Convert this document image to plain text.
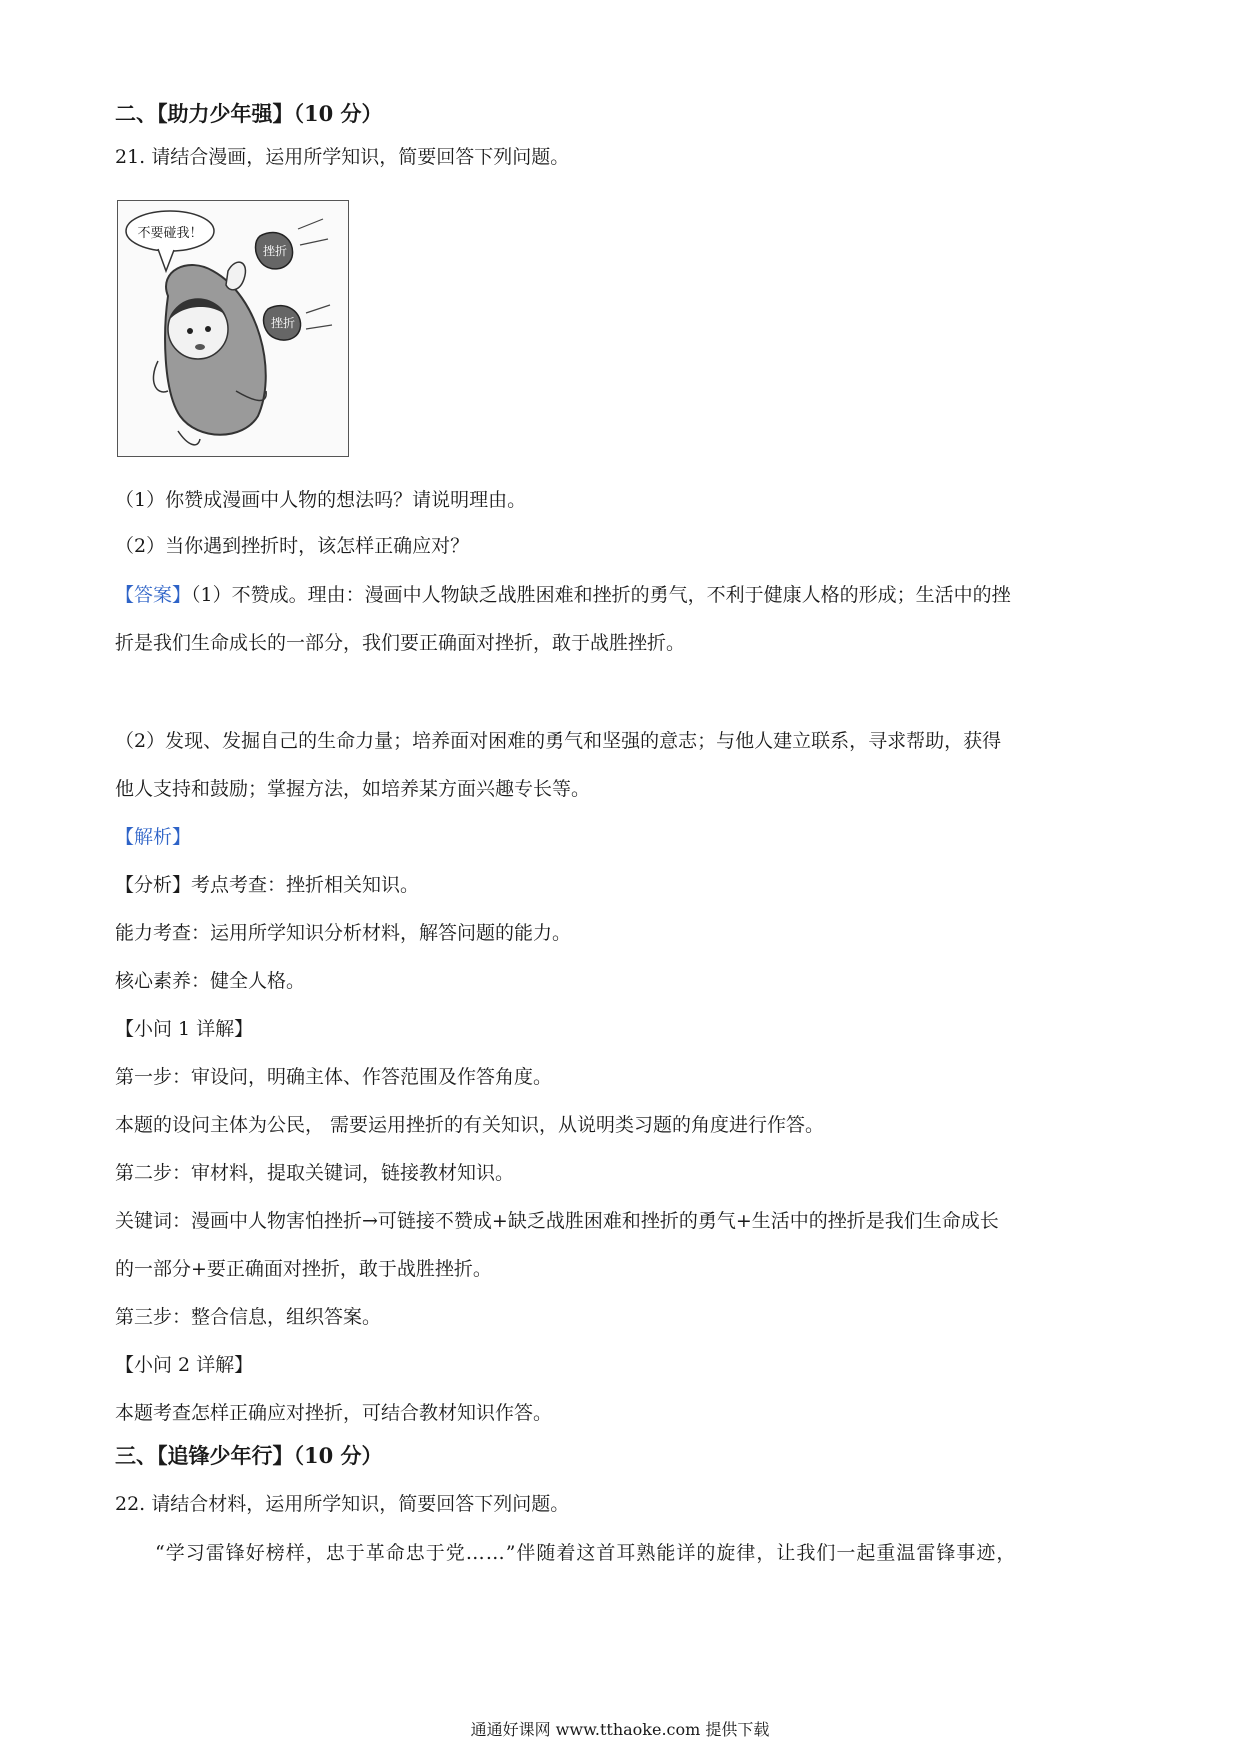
二、【助力少年强】（10 分）
21. 请结合漫画，运用所学知识，简要回答下列问题。
不要碰我！
挫折
挫折
（1）你赞成漫画中人物的想法吗？请说明理由。
（2）当你遇到挫折时，该怎样正确应对？
【答案】（1）不赞成。理由：漫画中人物缺乏战胜困难和挫折的勇气，不利于健康人格的形成；生活中的挫
折是我们生命成长的一部分，我们要正确面对挫折，敢于战胜挫折。
（2）发现、发掘自己的生命力量；培养面对困难的勇气和坚强的意志；与他人建立联系，寻求帮助，获得
他人支持和鼓励；掌握方法，如培养某方面兴趣专长等。
【解析】
【分析】考点考查：挫折相关知识。
能力考查：运用所学知识分析材料，解答问题的能力。
核心素养：健全人格。
【小问 1 详解】
第一步：审设问，明确主体、作答范围及作答角度。
本题的设问主体为公民， 需要运用挫折的有关知识，从说明类习题的角度进行作答。
第二步：审材料，提取关键词，链接教材知识。
关键词：漫画中人物害怕挫折→可链接不赞成+缺乏战胜困难和挫折的勇气+生活中的挫折是我们生命成长
的一部分+要正确面对挫折，敢于战胜挫折。
第三步：整合信息，组织答案。
【小问 2 详解】
本题考查怎样正确应对挫折，可结合教材知识作答。
三、【追锋少年行】（10 分）
22. 请结合材料，运用所学知识，简要回答下列问题。
“学习雷锋好榜样，忠于革命忠于党……”伴随着这首耳熟能详的旋律，让我们一起重温雷锋事迹，
通通好课网 www.tthaoke.com 提供下载
